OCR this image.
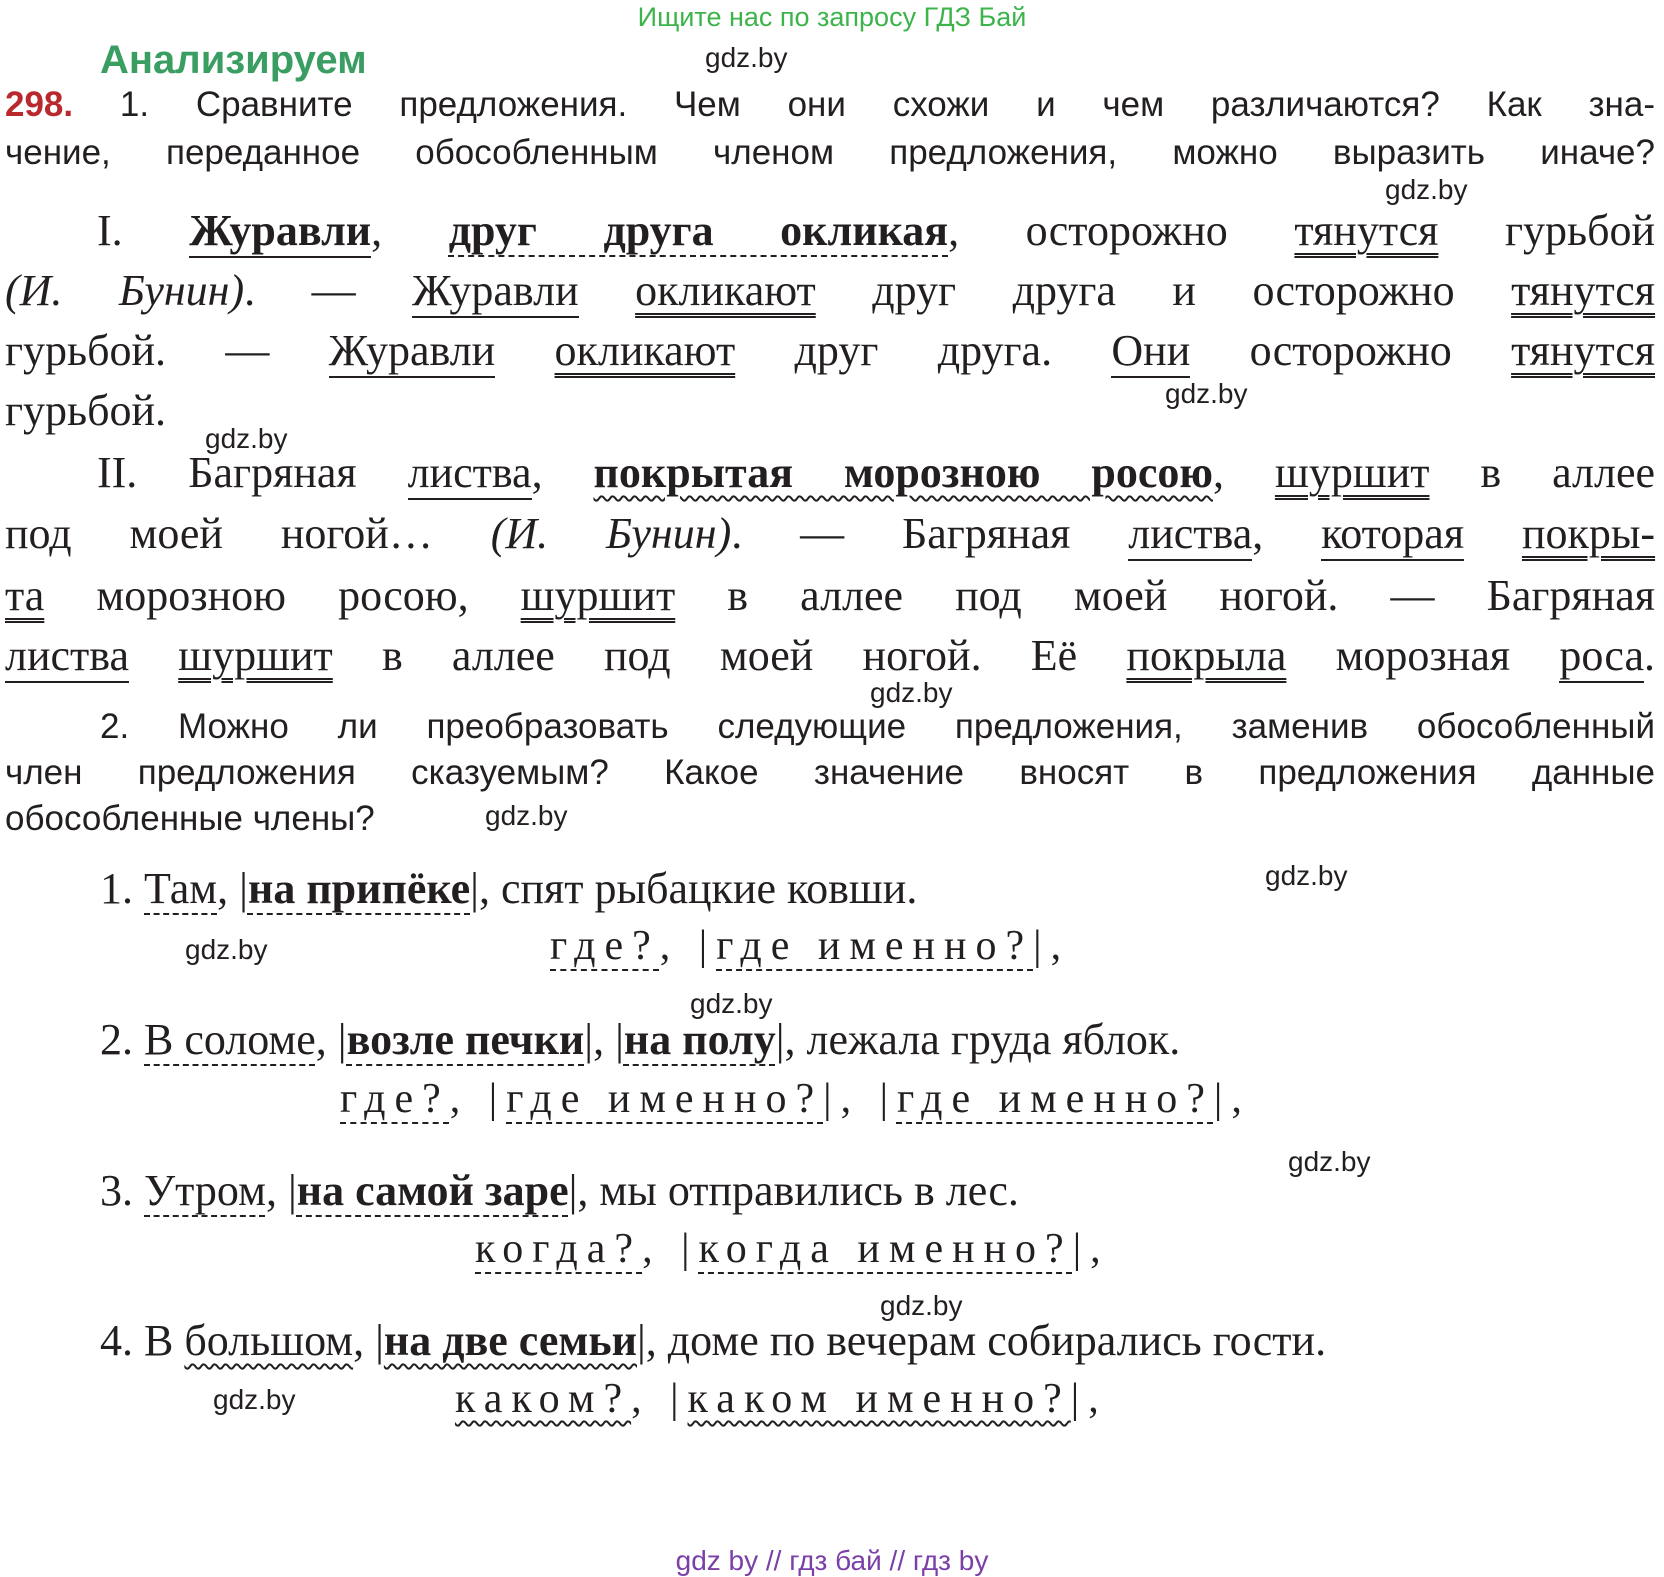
Ищите нас по запросу ГДЗ Бай
Анализируем	gdz.by
298. 1. Сравните предложения. Чем они схожи и чем различаются? Как зна-
чение, переданное обособленным членом предложения, можно выразить иначе?
gdz.by
I. Журавли, друг друга окликая, осторожно тянутся гурьбой
(И. Бунин). — Журавли окликают друг друга и осторожно тянутся
гурьбой. — Журавли окликают друг друга. Они осторожно тянутся
gdz.by
гурьбой.
gdz.by
II. Багряная листва, покрытая морозною росою, шуршит в аллее
под моей ногой… (И. Бунин). — Багряная листва, которая покры-
та морозною росою, шуршит в аллее под моей ногой. — Багряная
листва шуршит в аллее под моей ногой. Её покрыла морозная роса.
gdz.by
2. Можно ли преобразовать следующие предложения, заменив обособленный
член предложения сказуемым? Какое значение вносят в предложения данные
обособленные члены?	gdz.by
1. Там, |на припёке|, спят рыбацкие ковши.	gdz.by
gdz.by	где?, |где именно?|,
gdz.by
2. В соломе, |возле печки|, |на полу|, лежала груда яблок.
где?, |где именно?|, |где именно?|,
gdz.by
3. Утром, |на самой заре|, мы отправились в лес.
когда?, |когда именно?|,
gdz.by
4. В большом, |на две семьи|, доме по вечерам собирались гости.
gdz.by	каком?, |каком именно?|,
gdz by // гдз бай // гдз by
